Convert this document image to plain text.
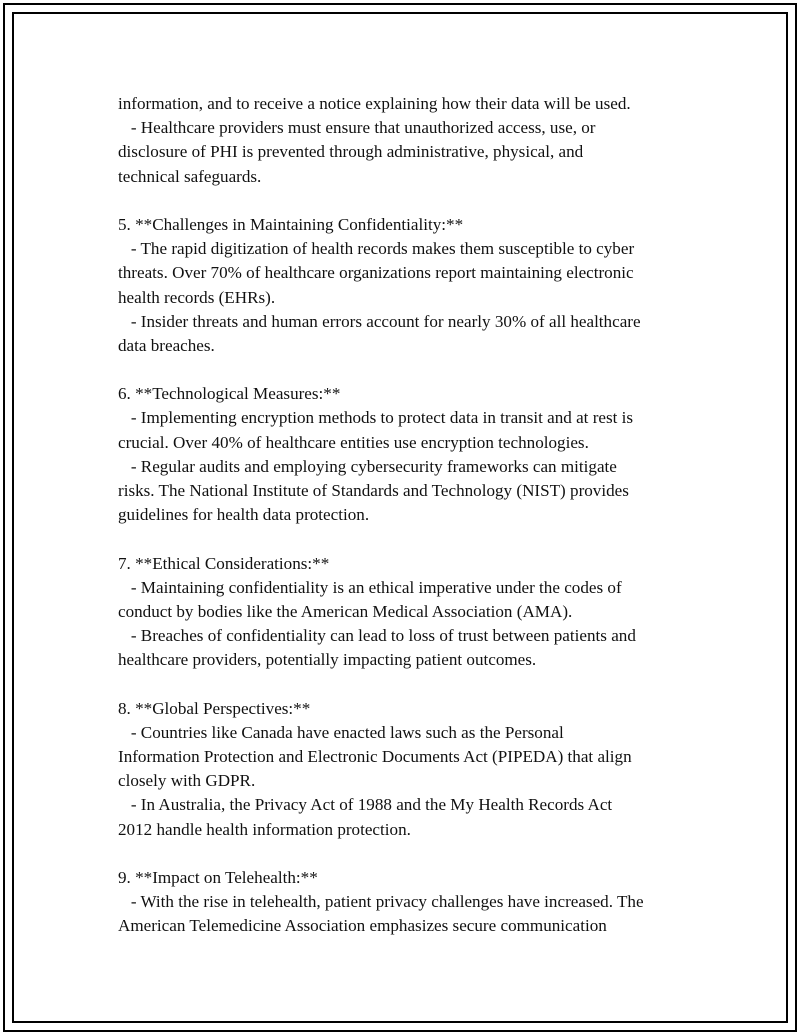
information, and to receive a notice explaining how their data will be used.
- Healthcare providers must ensure that unauthorized access, use, or
disclosure of PHI is prevented through administrative, physical, and
technical safeguards.
5. **Challenges in Maintaining Confidentiality:**
- The rapid digitization of health records makes them susceptible to cyber
threats. Over 70% of healthcare organizations report maintaining electronic
health records (EHRs).
- Insider threats and human errors account for nearly 30% of all healthcare
data breaches.
6. **Technological Measures:**
- Implementing encryption methods to protect data in transit and at rest is
crucial. Over 40% of healthcare entities use encryption technologies.
- Regular audits and employing cybersecurity frameworks can mitigate
risks. The National Institute of Standards and Technology (NIST) provides
guidelines for health data protection.
7. **Ethical Considerations:**
- Maintaining confidentiality is an ethical imperative under the codes of
conduct by bodies like the American Medical Association (AMA).
- Breaches of confidentiality can lead to loss of trust between patients and
healthcare providers, potentially impacting patient outcomes.
8. **Global Perspectives:**
- Countries like Canada have enacted laws such as the Personal
Information Protection and Electronic Documents Act (PIPEDA) that align
closely with GDPR.
- In Australia, the Privacy Act of 1988 and the My Health Records Act
2012 handle health information protection.
9. **Impact on Telehealth:**
- With the rise in telehealth, patient privacy challenges have increased. The
American Telemedicine Association emphasizes secure communication
